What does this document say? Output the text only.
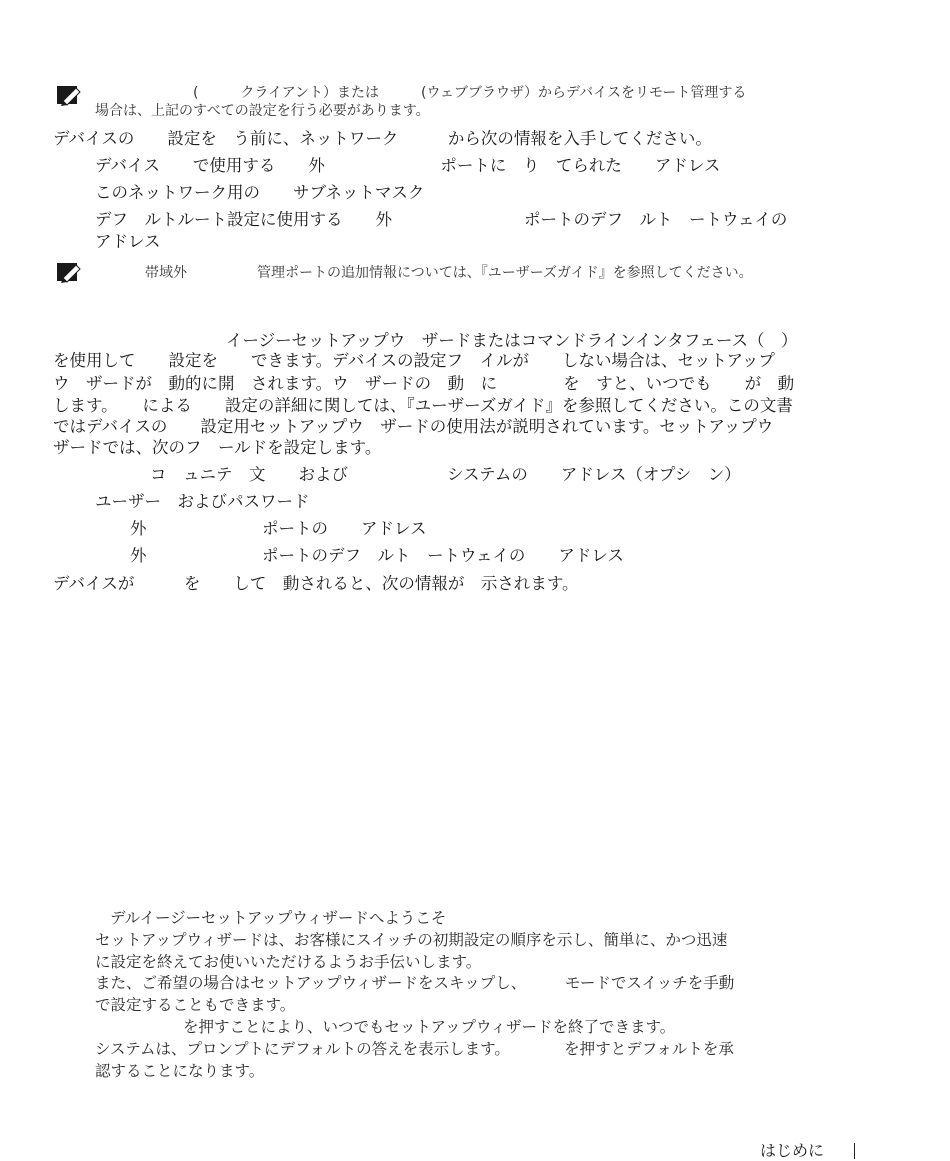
(　　　クライアント）または　　　(ウェブブラウザ）からデバイスをリモート管理する
場合は、上記のすべての設定を行う必要があります。
デバイスの　　設定を　う前に、ネットワーク　　　から次の情報を入手してください。
デバイス　　で使用する　　外　　　　　　　ポートに　り　てられた　　アドレス
このネットワーク用の　　サブネットマスク
デフ　ルトルート設定に使用する　　外　　　　　　　　ポートのデフ　ルト　ートウェイの
アドレス
帯域外　　　　　管理ポートの追加情報については、『ユーザーズガイド』を参照してください。
イージーセットアップウ　ザードまたはコマンドラインインタフェース（　）
を使用して　　設定を　　できます。デバイスの設定フ　イルが　　しない場合は、セットアップ
ウ　ザードが　動的に開　されます。ウ　ザードの　動　に　　　　を　すと、いつでも　　が　動
します。　　による　　設定の詳細に関しては、『ユーザーズガイド』を参照してください。この文書
ではデバイスの　　設定用セットアップウ　ザードの使用法が説明されています。セットアップウ
ザードでは、次のフ　ールドを設定します。
コ　ュニテ　文　　および　　　　　　システムの　　アドレス（オプシ　ン）
ユーザー　およびパスワード
外　　　　　　　ポートの　　アドレス
外　　　　　　　ポートのデフ　ルト　ートウェイの　　アドレス
デバイスが　　　を　　して　動されると、次の情報が　示されます。
デルイージーセットアップウィザードへようこそ
セットアップウィザードは、お客様にスイッチの初期設定の順序を示し、簡単に、かつ迅速
に設定を終えてお使いいただけるようお手伝いします。
また、ご希望の場合はセットアップウィザードをスキップし、　　　モードでスイッチを手動
で設定することもできます。
を押すことにより、いつでもセットアップウィザードを終了できます。
システムは、プロンプトにデフォルトの答えを表示します。　　　　を押すとデフォルトを承
認することになります。
はじめに
